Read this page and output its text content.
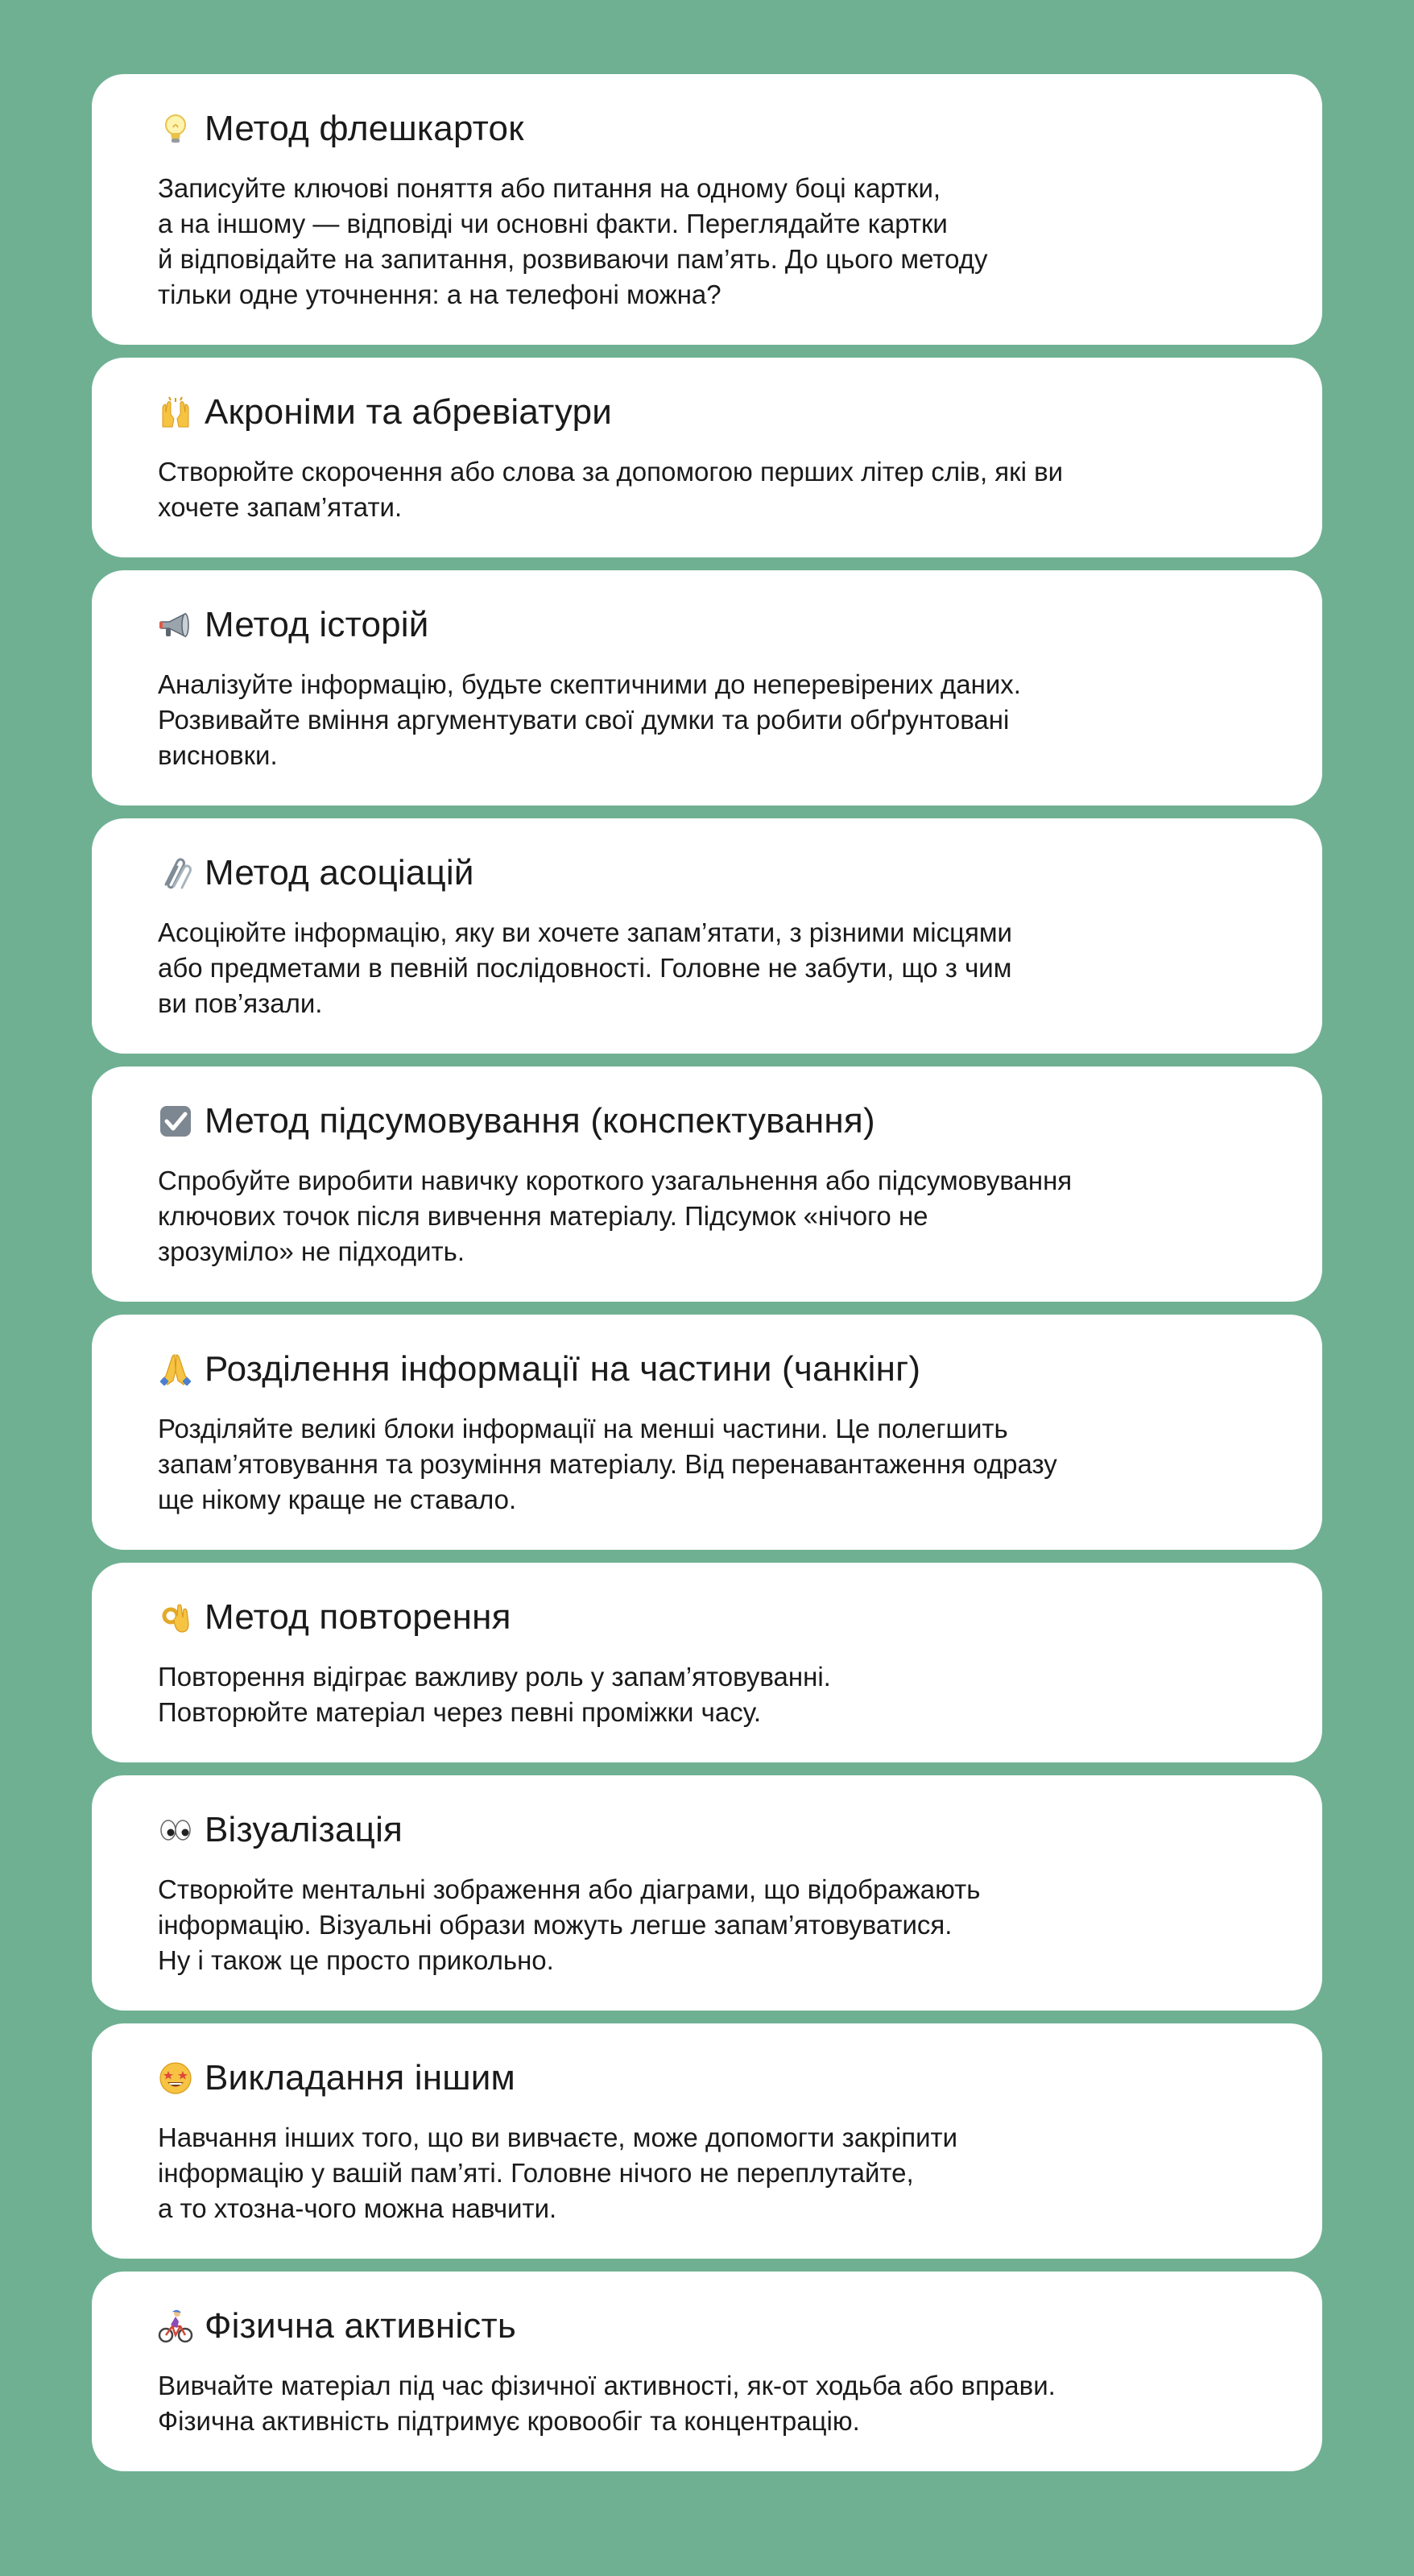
Метод флешкарток
Записуйте ключові поняття або питання на одному боці картки,
а на іншому — відповіді чи основні факти. Переглядайте картки
й відповідайте на запитання, розвиваючи пам’ять. До цього методу
тільки одне уточнення: а на телефоні можна?
Акроніми та абревіатури
Створюйте скорочення або слова за допомогою перших літер слів, які ви
хочете запам’ятати.
Метод історій
Аналізуйте інформацію, будьте скептичними до неперевірених даних.
Розвивайте вміння аргументувати свої думки та робити обґрунтовані
висновки.
Метод асоціацій
Асоціюйте інформацію, яку ви хочете запам’ятати, з різними місцями
або предметами в певній послідовності. Головне не забути, що з чим
ви пов’язали.
Метод підсумовування (конспектування)
Спробуйте виробити навичку короткого узагальнення або підсумовування
ключових точок після вивчення матеріалу. Підсумок «нічого не
зрозуміло» не підходить.
Розділення інформації на частини (чанкінг)
Розділяйте великі блоки інформації на менші частини. Це полегшить
запам’ятовування та розуміння матеріалу. Від перенавантаження одразу
ще нікому краще не ставало.
Метод повторення
Повторення відіграє важливу роль у запам’ятовуванні.
Повторюйте матеріал через певні проміжки часу.
Візуалізація
Створюйте ментальні зображення або діаграми, що відображають
інформацію. Візуальні образи можуть легше запам’ятовуватися.
Ну і також це просто прикольно.
Викладання іншим
Навчання інших того, що ви вивчаєте, може допомогти закріпити
інформацію у вашій пам’яті. Головне нічого не переплутайте,
а то хтозна-чого можна навчити.
Фізична активність
Вивчайте матеріал під час фізичної активності, як-от ходьба або вправи.
Фізична активність підтримує кровообіг та концентрацію.
